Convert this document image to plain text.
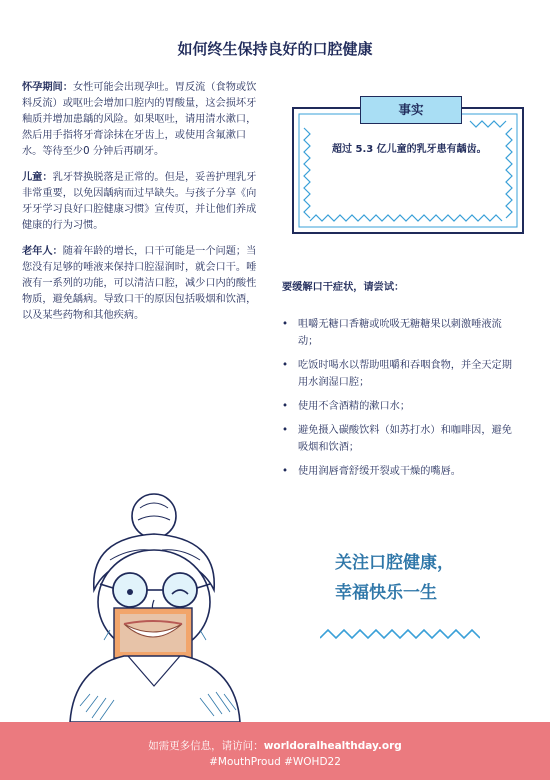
如何终生保持良好的口腔健康

怀孕期间：女性可能会出现孕吐。胃反流（食物或饮料反流）或呕吐会增加口腔内的胃酸量，这会损坏牙釉质并增加患龋的风险。如果呕吐，请用清水漱口，然后用手指将牙膏涂抹在牙齿上，或使用含氟漱口水。等待至少0 分钟后再刷牙。

儿童：乳牙替换脱落是正常的。但是，妥善护理乳牙非常重要，以免因龋病而过早缺失。与孩子分享《向牙牙学习良好口腔健康习惯》宣传页，并让他们养成健康的行为习惯。

老年人：随着年龄的增长，口干可能是一个问题；当您没有足够的唾液来保持口腔湿润时，就会口干。唾液有一系列的功能，可以清洁口腔，减少口内的酸性物质，避免龋病。导致口干的原因包括吸烟和饮酒，以及某些药物和其他疾病。

事实
超过 5.3 亿儿童的乳牙患有龋齿。
要缓解口干症状，请尝试：
• 咀嚼无糖口香糖或吮吸无糖糖果以刺激唾液流动；
• 吃饭时喝水以帮助咀嚼和吞咽食物，并全天定期用水润湿口腔；
• 使用不含酒精的漱口水；
• 避免摄入碳酸饮料（如苏打水）和咖啡因，避免吸烟和饮酒；
• 使用润唇膏舒缓开裂或干燥的嘴唇。
关注口腔健康，
幸福快乐一生
如需更多信息，请访问：worldoralhealthday.org
#MouthProud #WOHD22
